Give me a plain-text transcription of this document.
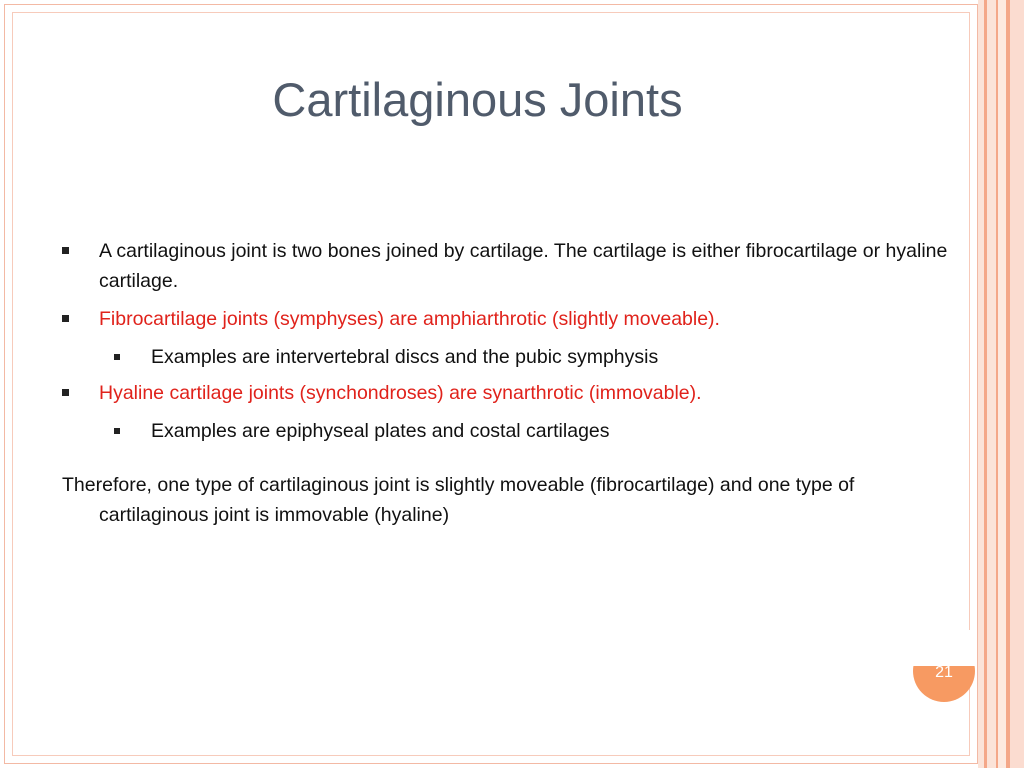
Cartilaginous Joints
A cartilaginous joint is two bones joined by cartilage. The cartilage is either fibrocartilage or hyaline cartilage.
Fibrocartilage joints (symphyses) are amphiarthrotic (slightly moveable).
Examples are intervertebral discs and the pubic symphysis
Hyaline cartilage joints (synchondroses) are synarthrotic (immovable).
Examples are epiphyseal plates and costal cartilages
Therefore, one type of cartilaginous joint is slightly moveable (fibrocartilage) and one type of cartilaginous joint is immovable (hyaline)
21
